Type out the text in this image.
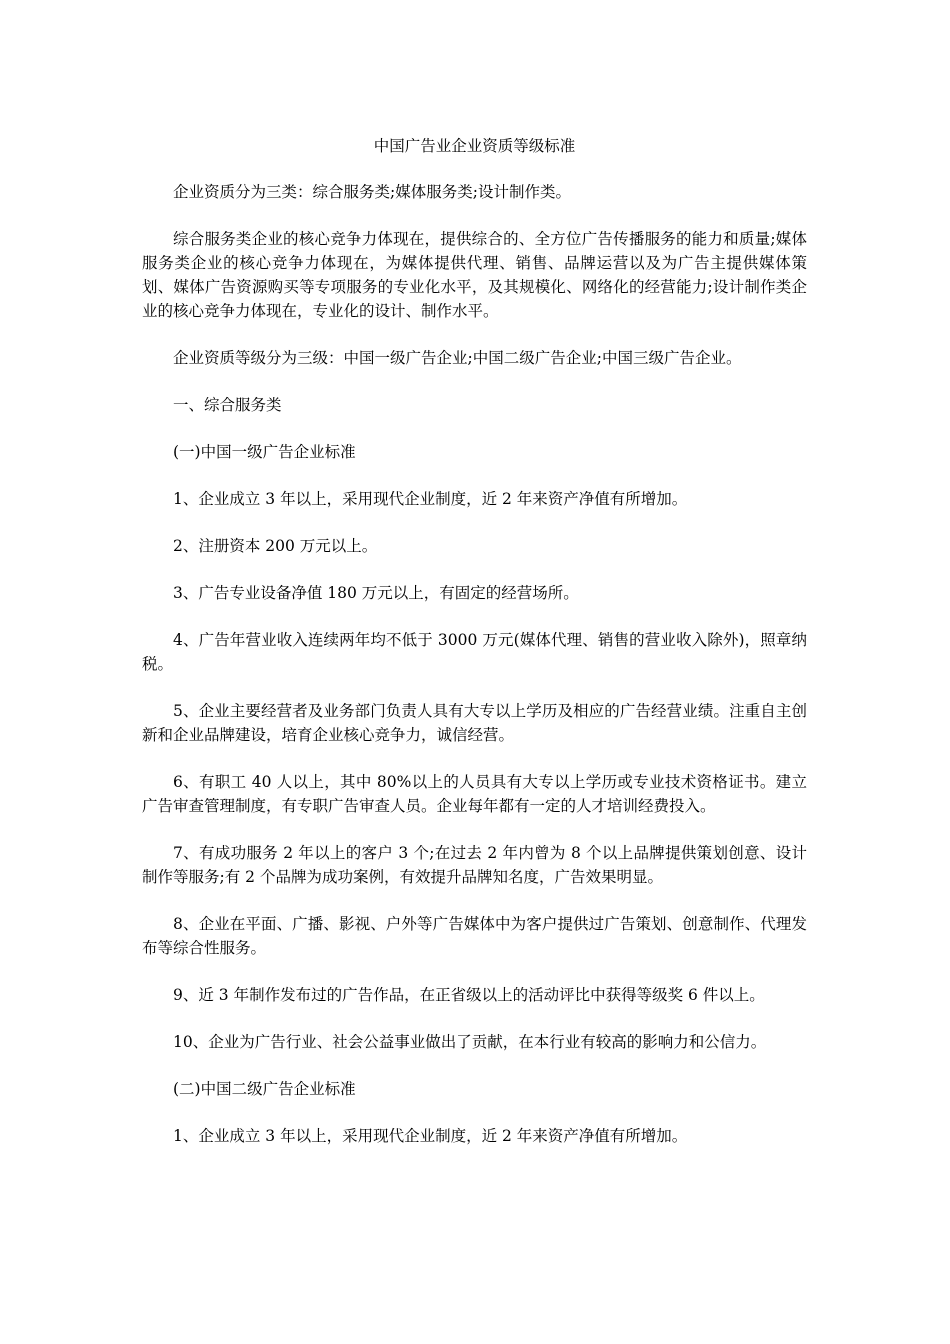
中国广告业企业资质等级标准

企业资质分为三类：综合服务类;媒体服务类;设计制作类。

综合服务类企业的核心竞争力体现在，提供综合的、全方位广告传播服务的能力和质量;媒体服务类企业的核心竞争力体现在，为媒体提供代理、销售、品牌运营以及为广告主提供媒体策划、媒体广告资源购买等专项服务的专业化水平，及其规模化、网络化的经营能力;设计制作类企业的核心竞争力体现在，专业化的设计、制作水平。

企业资质等级分为三级：中国一级广告企业;中国二级广告企业;中国三级广告企业。

一、综合服务类

(一)中国一级广告企业标准

1、企业成立 3 年以上，采用现代企业制度，近 2 年来资产净值有所增加。

2、注册资本 200 万元以上。

3、广告专业设备净值 180 万元以上，有固定的经营场所。

4、广告年营业收入连续两年均不低于 3000 万元(媒体代理、销售的营业收入除外)，照章纳税。

5、企业主要经营者及业务部门负责人具有大专以上学历及相应的广告经营业绩。注重自主创新和企业品牌建设，培育企业核心竞争力，诚信经营。

6、有职工 40 人以上，其中 80%以上的人员具有大专以上学历或专业技术资格证书。建立广告审查管理制度，有专职广告审查人员。企业每年都有一定的人才培训经费投入。

7、有成功服务 2 年以上的客户 3 个;在过去 2 年内曾为 8 个以上品牌提供策划创意、设计制作等服务;有 2 个品牌为成功案例，有效提升品牌知名度，广告效果明显。

8、企业在平面、广播、影视、户外等广告媒体中为客户提供过广告策划、创意制作、代理发布等综合性服务。

9、近 3 年制作发布过的广告作品，在正省级以上的活动评比中获得等级奖 6 件以上。

10、企业为广告行业、社会公益事业做出了贡献，在本行业有较高的影响力和公信力。

(二)中国二级广告企业标准

1、企业成立 3 年以上，采用现代企业制度，近 2 年来资产净值有所增加。
